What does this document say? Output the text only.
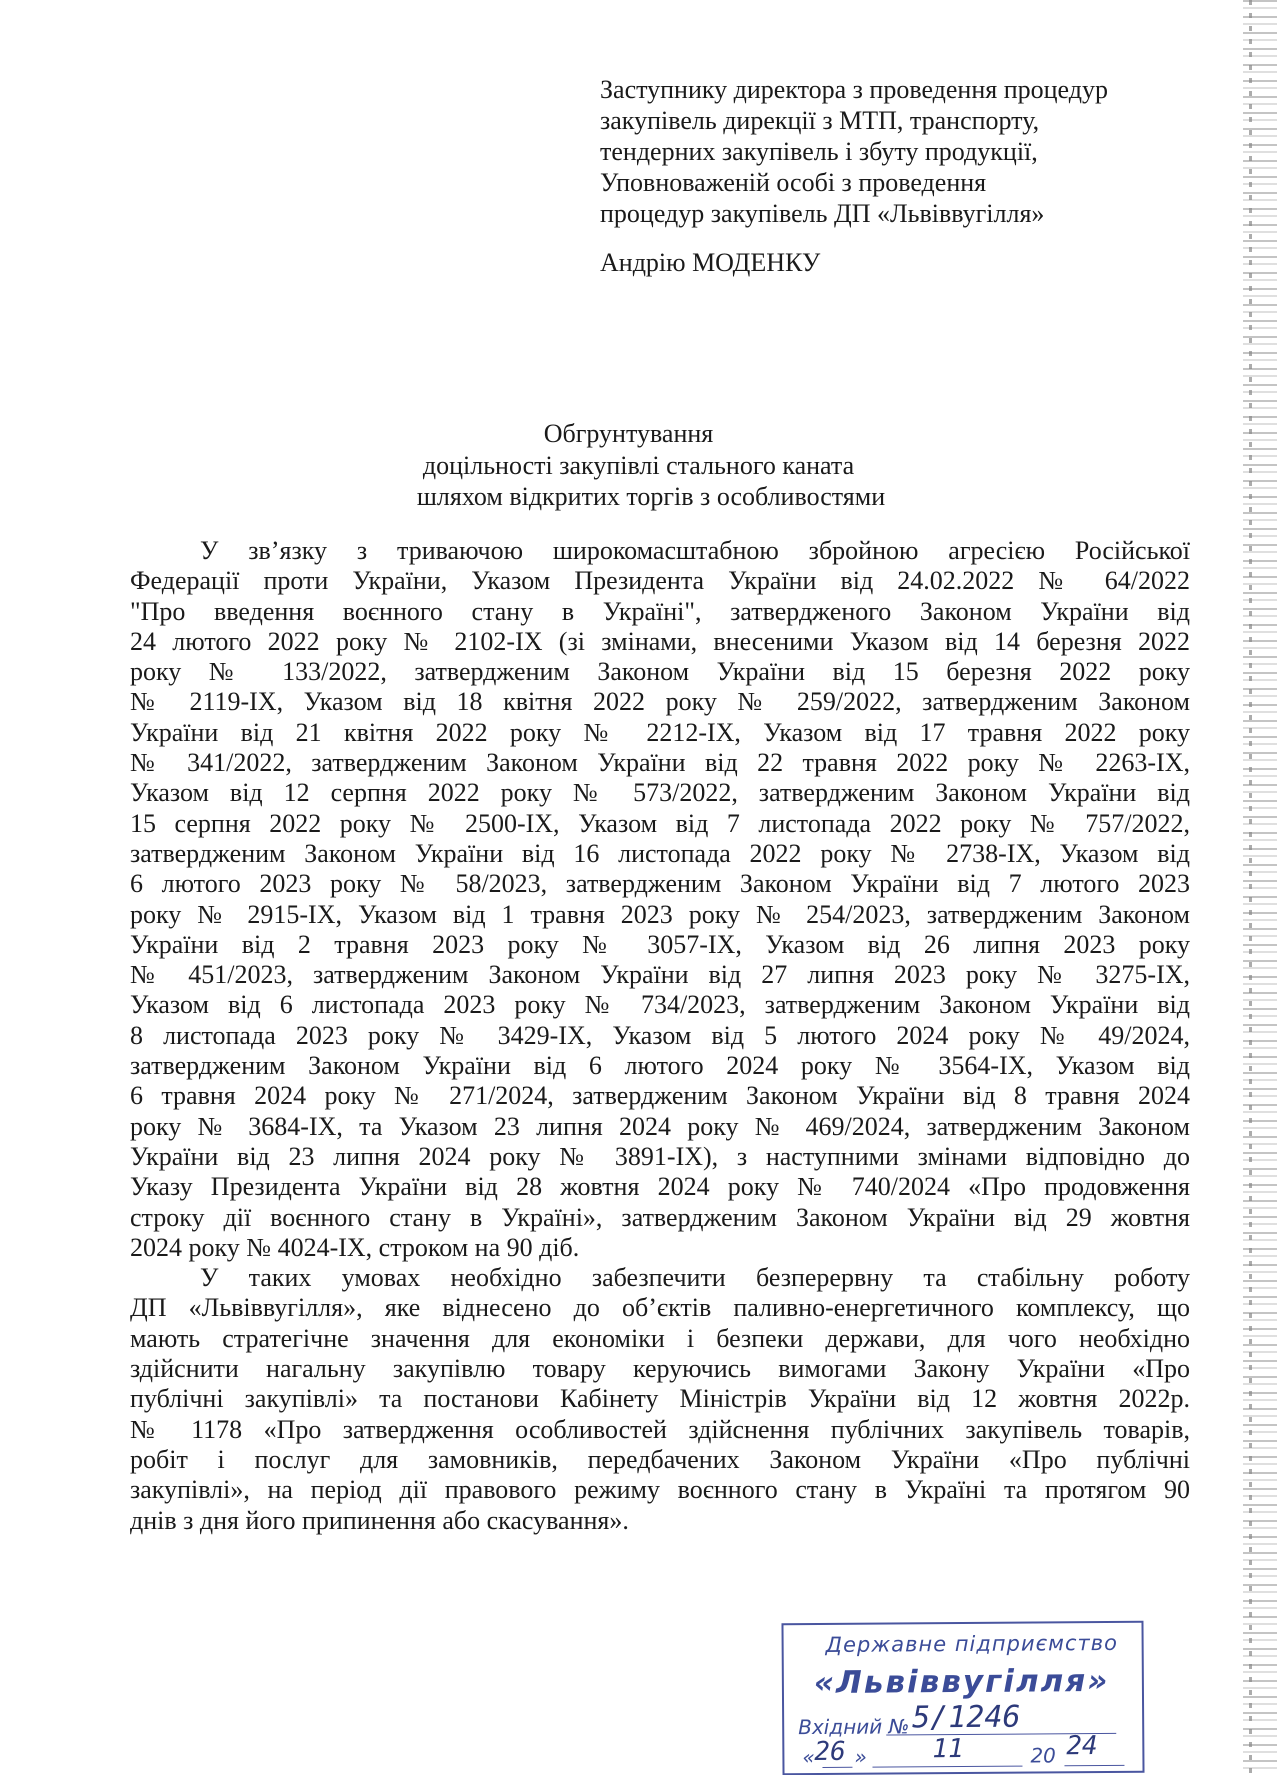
Заступнику директора з проведення процедур
закупівель дирекції з МТП, транспорту,
тендерних закупівель і збуту продукції,
Уповноваженій особі з проведення
процедур закупівель ДП «Львіввугілля»
Андрію МОДЕНКУ
Обгрунтування
доцільності закупівлі стального каната
шляхом відкритих торгів з особливостями
У зв’язку з триваючою широкомасштабною збройною агресією Російської
Федерації проти України, Указом Президента України від 24.02.2022 № 64/2022
"Про введення воєнного стану в Україні", затвердженого Законом України від
24 лютого 2022 року № 2102-IX (зі змінами, внесеними Указом від 14 березня 2022
року № 133/2022, затвердженим Законом України від 15 березня 2022 року
№ 2119-IX, Указом від 18 квітня 2022 року № 259/2022, затвердженим Законом
України від 21 квітня 2022 року № 2212-IX, Указом від 17 травня 2022 року
№ 341/2022, затвердженим Законом України від 22 травня 2022 року № 2263-IX,
Указом від 12 серпня 2022 року № 573/2022, затвердженим Законом України від
15 серпня 2022 року № 2500-IX, Указом від 7 листопада 2022 року № 757/2022,
затвердженим Законом України від 16 листопада 2022 року № 2738-IX, Указом від
6 лютого 2023 року № 58/2023, затвердженим Законом України від 7 лютого 2023
року № 2915-IX, Указом від 1 травня 2023 року № 254/2023, затвердженим Законом
України від 2 травня 2023 року № 3057-IX, Указом від 26 липня 2023 року
№ 451/2023, затвердженим Законом України від 27 липня 2023 року № 3275-IX,
Указом від 6 листопада 2023 року № 734/2023, затвердженим Законом України від
8 листопада 2023 року № 3429-IX, Указом від 5 лютого 2024 року № 49/2024,
затвердженим Законом України від 6 лютого 2024 року № 3564-IX, Указом від
6 травня 2024 року № 271/2024, затвердженим Законом України від 8 травня 2024
року № 3684-IX, та Указом 23 липня 2024 року № 469/2024, затвердженим Законом
України від 23 липня 2024 року № 3891-IX), з наступними змінами відповідно до
Указу Президента України від 28 жовтня 2024 року № 740/2024 «Про продовження
строку дії воєнного стану в Україні», затвердженим Законом України від 29 жовтня
2024 року № 4024-IX, строком на 90 діб.
У таких умовах необхідно забезпечити безперервну та стабільну роботу
ДП «Львіввугілля», яке віднесено до об’єктів паливно-енергетичного комплексу, що
мають стратегічне значення для економіки і безпеки держави, для чого необхідно
здійснити нагальну закупівлю товару керуючись вимогами Закону України «Про
публічні закупівлі» та постанови Кабінету Міністрів України від 12 жовтня 2022р.
№ 1178 «Про затвердження особливостей здійснення публічних закупівель товарів,
робіт і послуг для замовників, передбачених Законом України «Про публічні
закупівлі», на період дії правового режиму воєнного стану в Україні та протягом 90
днів з дня його припинення або скасування».
Державне підприємство
«Львіввугілля»
Вхідний № 5/1246
« 26 »	11	20 24
